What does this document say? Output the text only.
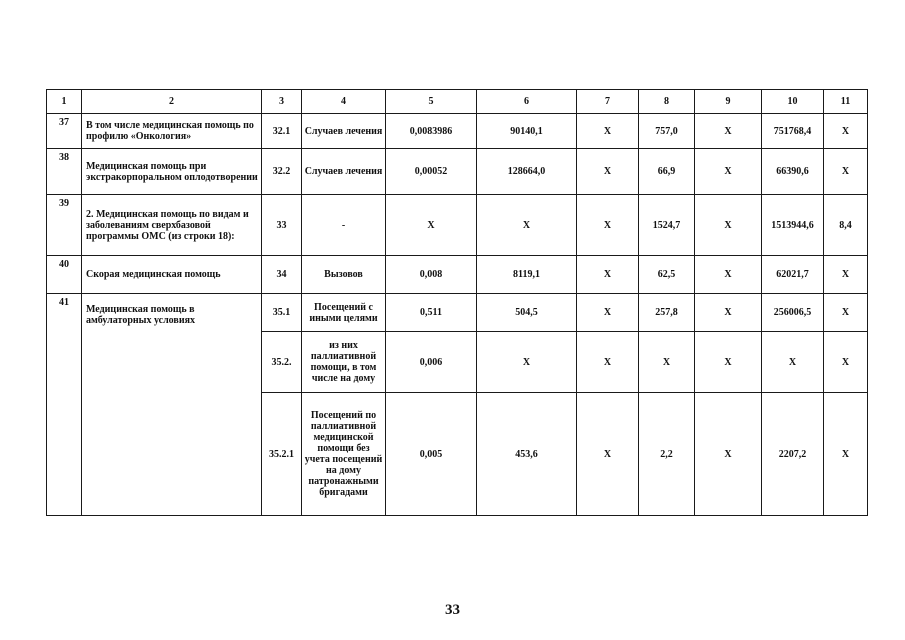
1	2	3	4	5	6	7	8	9	10	11
37	В том числе медицинская помощь по профилю «Онкология»	32.1	Случаев лечения	0,0083986	90140,1	X	757,0	X	751768,4	X
38	Медицинская помощь при экстракорпоральном оплодотворении	32.2	Случаев лечения	0,00052	128664,0	X	66,9	X	66390,6	X
39	2. Медицинская помощь по видам и заболеваниям сверхбазовой программы ОМС (из строки 18):	33	-	X	X	X	1524,7	X	1513944,6	8,4
40	Скорая медицинская помощь	34	Вызовов	0,008	8119,1	X	62,5	X	62021,7	X
41	Медицинская помощь в амбулаторных условиях	35.1	Посещений с иными целями	0,511	504,5	X	257,8	X	256006,5	X
		35.2.	из них паллиативной помощи, в том числе на дому	0,006	X	X	X	X	X	X
		35.2.1	Посещений по паллиативной медицинской помощи без учета посещений на дому патронажными бригадами	0,005	453,6	X	2,2	X	2207,2	X
33
